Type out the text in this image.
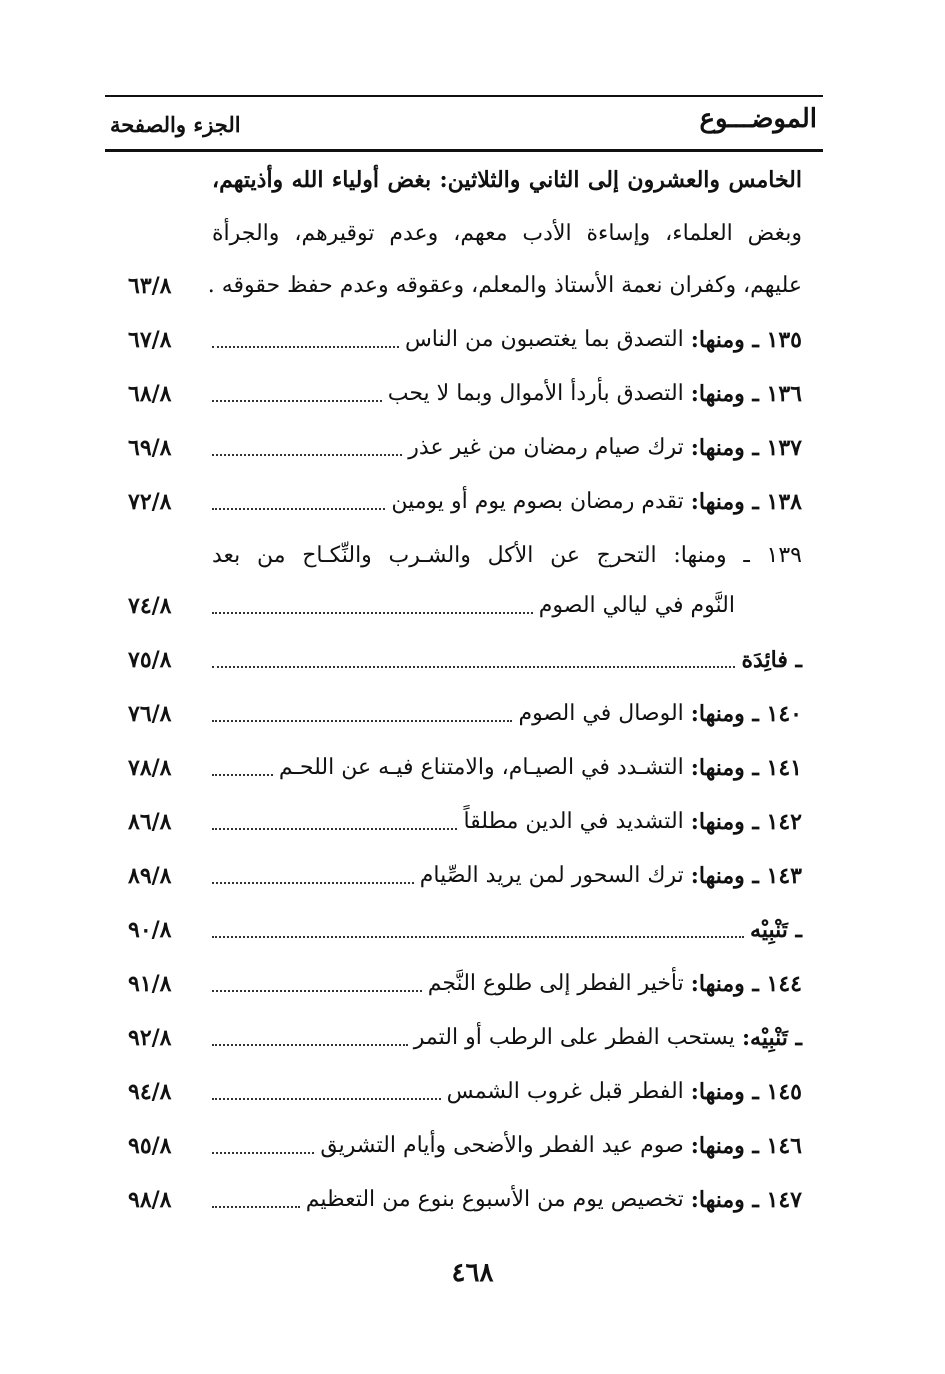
الموضـــوع
الجزء والصفحة
الخامس والعشرون إلى الثاني والثلاثين: بغض أولياء الله وأذيتهم،
وبغض العلماء، وإساءة الأدب معهم، وعدم توقيرهم، والجرأة
عليهم، وكفران نعمة الأستاذ والمعلم، وعقوقه وعدم حفظ حقوقه .
٦٣/٨
١٣٥ ـ ومنها:

التصدق بما يغتصبون من الناس
٦٧/٨
١٣٦ ـ ومنها:

التصدق بأردأ الأموال وبما لا يحب
٦٨/٨
١٣٧ ـ ومنها:

ترك صيام رمضان من غير عذر
٦٩/٨
١٣٨ ـ ومنها:

تقدم رمضان بصوم يوم أو يومين
٧٢/٨
١٣٩ ـ ومنها: التحرج عن الأكل والشـرب والنِّكـاح من بعد
النَّوم في ليالي الصوم
٧٤/٨
ـ فائِدَة
٧٥/٨
١٤٠ ـ ومنها:

الوصال في الصوم
٧٦/٨
١٤١ ـ ومنها:

التشـدد في الصيـام، والامتناع فيـه عن اللحـم
٧٨/٨
١٤٢ ـ ومنها:

التشديد في الدين مطلقاً
٨٦/٨
١٤٣ ـ ومنها:

ترك السحور لمن يريد الصِّيام
٨٩/٨
ـ تَنْبِيْه
٩٠/٨
١٤٤ ـ ومنها:

تأخير الفطر إلى طلوع النَّجم
٩١/٨
ـ تَنْبِيْه:

يستحب الفطر على الرطب أو التمر
٩٢/٨
١٤٥ ـ ومنها:

الفطر قبل غروب الشمس
٩٤/٨
١٤٦ ـ ومنها:

صوم عيد الفطر والأضحى وأيام التشريق
٩٥/٨
١٤٧ ـ ومنها:

تخصيص يوم من الأسبوع بنوع من التعظيم
٩٨/٨
٤٦٨
